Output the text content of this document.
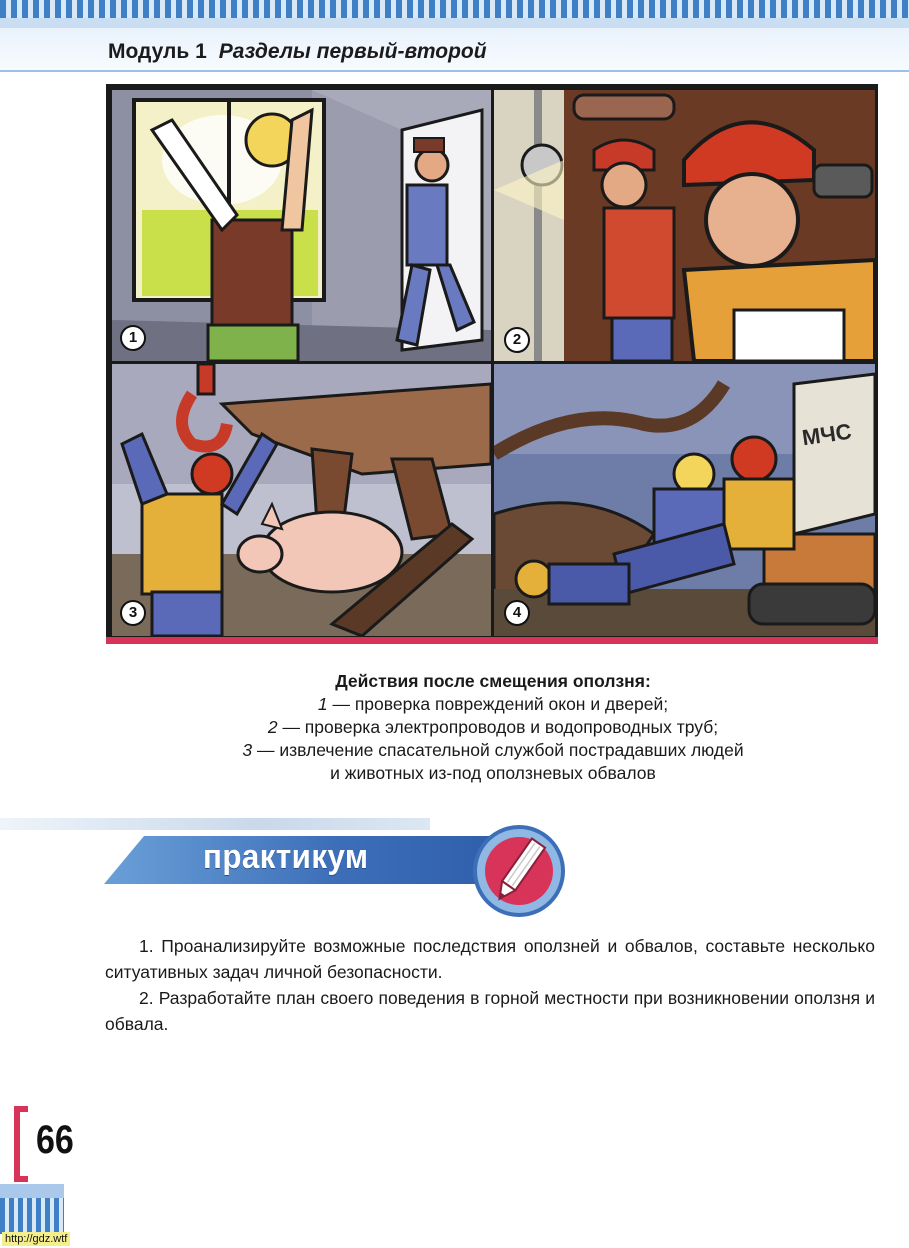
Модуль 1 Разделы первый-второй
1	2
3
МЧС
4
Действия после смещения оползня:
1 — проверка повреждений окон и дверей;
2 — проверка электропроводов и водопроводных труб;
3 — извлечение спасательной службой пострадавших людей
и животных из-под оползневых обвалов
практикум

1. Проанализируйте возможные последствия оползней и обвалов, составьте несколько ситуативных задач личной безопасности.

2. Разработайте план своего поведения в горной местности при возникновении оползня и обвала.

66
http://gdz.wtf
